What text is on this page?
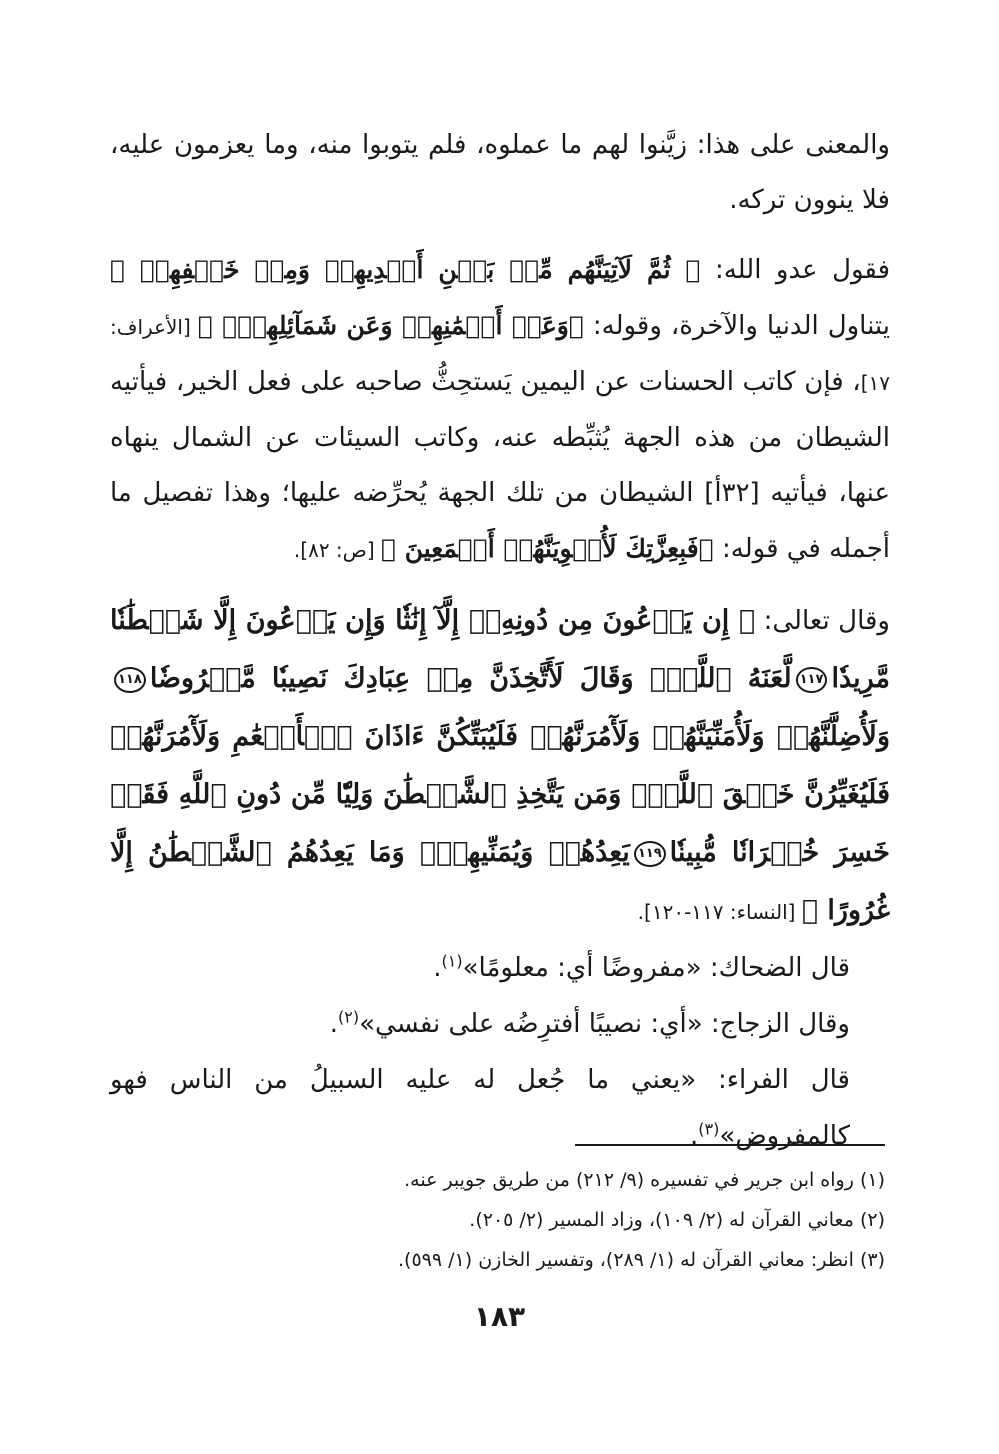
والمعنى على هذا: زيَّنوا لهم ما عملوه، فلم يتوبوا منه، وما يعزمون عليه، فلا ينوون تركه.

فقول عدو الله: ﴿ ثُمَّ لَآتِيَنَّهُم مِّنۢ بَيۡنِ أَيۡدِيهِمۡ وَمِنۡ خَلۡفِهِمۡ ﴾ يتناول الدنيا والآخرة، وقوله: ﴿وَعَنۡ أَيۡمَٰنِهِمۡ وَعَن شَمَآئِلِهِمۡۖ ﴾ [الأعراف: ١٧]، فإن كاتب الحسنات عن اليمين يَستحِثُّ صاحبه على فعل الخير، فيأتيه الشيطان من هذه الجهة يُثبِّطه عنه، وكاتب السيئات عن الشمال ينهاه عنها، فيأتيه [٣٢أ] الشيطان من تلك الجهة يُحرِّضه عليها؛ وهذا تفصيل ما أجمله في قوله: ﴿فَبِعِزَّتِكَ لَأُغۡوِيَنَّهُمۡ أَجۡمَعِينَ ﴾ [ص: ٨٢].

وقال تعالى: ﴿ إِن يَدۡعُونَ مِن دُونِهِۦٓ إِلَّآ إِنَٰثٗا وَإِن يَدۡعُونَ إِلَّا شَيۡطَٰنٗا مَّرِيدٗا١١٧لَّعَنَهُ ٱللَّهُۘ وَقَالَ لَأَتَّخِذَنَّ مِنۡ عِبَادِكَ نَصِيبٗا مَّفۡرُوضٗا١١٨وَلَأُضِلَّنَّهُمۡ وَلَأُمَنِّيَنَّهُمۡ وَلَأٓمُرَنَّهُمۡ فَلَيُبَتِّكُنَّ ءَاذَانَ ٱلۡأَنۡعَٰمِ وَلَأٓمُرَنَّهُمۡ فَلَيُغَيِّرُنَّ خَلۡقَ ٱللَّهِۚ وَمَن يَتَّخِذِ ٱلشَّيۡطَٰنَ وَلِيّٗا مِّن دُونِ ٱللَّهِ فَقَدۡ خَسِرَ خُسۡرَانٗا مُّبِينٗا١١٩يَعِدُهُمۡ وَيُمَنِّيهِمۡۖ وَمَا يَعِدُهُمُ ٱلشَّيۡطَٰنُ إِلَّا غُرُورًا ﴾ [النساء: ١١٧-١٢٠].

قال الضحاك: «مفروضًا أي: معلومًا»$^{(١)}$.

وقال الزجاج: «أي: نصيبًا أفترِضُه على نفسي»$^{(٢)}$.

قال الفراء: «يعني ما جُعل له عليه السبيلُ من الناس فهو كالمفروض»$^{(٣)}$.

(١) رواه ابن جرير في تفسيره (٩/ ٢١٢) من طريق جويبر عنه.

(٢) معاني القرآن له (٢/ ١٠٩)، وزاد المسير (٢/ ٢٠٥).

(٣) انظر: معاني القرآن له (١/ ٢٨٩)، وتفسير الخازن (١/ ٥٩٩).

١٨٣
